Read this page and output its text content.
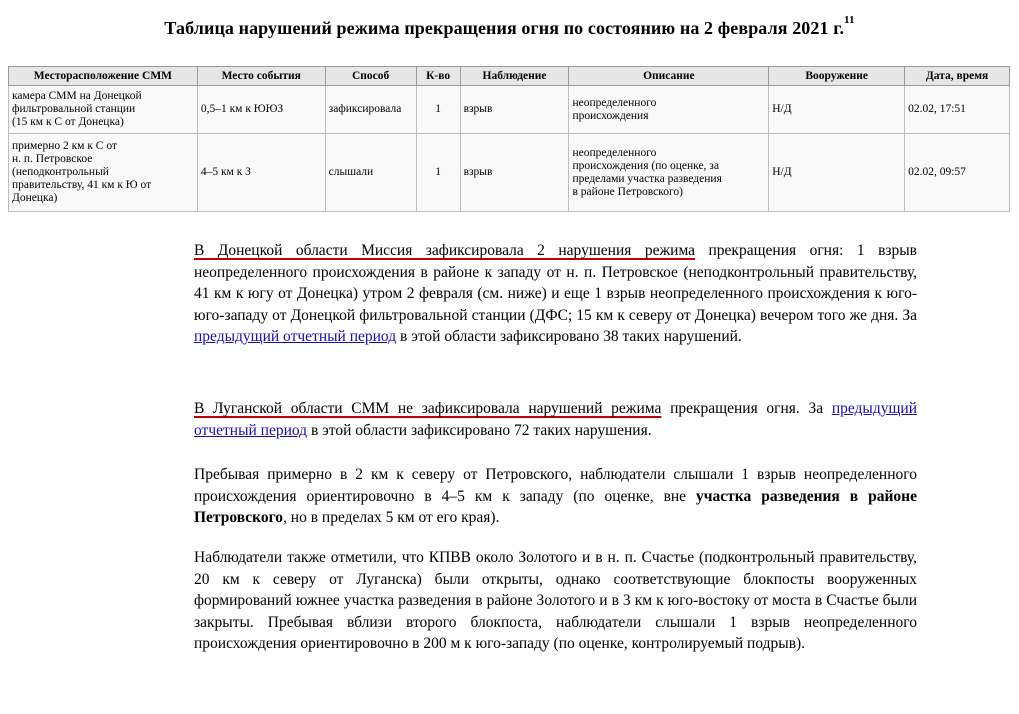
Таблица нарушений режима прекращения огня по состоянию на 2 февраля 2021 г.$^{11}$
Месторасположение СММ	Место события	Способ	К-во	Наблюдение	Описание	Вооружение	Дата, время
камера СММ на Донецкой
фильтровальной станции
(15 км к С от Донецка)	0,5–1 км к ЮЮЗ	зафиксировала	1	взрыв	неопределенного
происхождения	Н/Д	02.02, 17:51
примерно 2 км к С от
н. п. Петровское
(неподконтрольный
правительству, 41 км к Ю от
Донецка)	4–5 км к З	слышали	1	взрыв	неопределенного
происхождения (по оценке, за
пределами участка разведения
в районе Петровского)	Н/Д	02.02, 09:57
В Донецкой области Миссия зафиксировала 2 нарушения режима прекращения огня: 1 взрыв неопределенного происхождения в районе к западу от н. п. Петровское (неподконтрольный правительству, 41 км к югу от Донецка) утром 2 февраля (см. ниже) и еще 1 взрыв неопределенного происхождения к юго-юго-западу от Донецкой фильтровальной станции (ДФС; 15 км к северу от Донецка) вечером того же дня. За предыдущий отчетный период в этой области зафиксировано 38 таких нарушений.
В Луганской области СММ не зафиксировала нарушений режима прекращения огня. За предыдущий отчетный период в этой области зафиксировано 72 таких нарушения.
Пребывая примерно в 2 км к северу от Петровского, наблюдатели слышали 1 взрыв неопределенного происхождения ориентировочно в 4–5 км к западу (по оценке, вне участка разведения в районе Петровского, но в пределах 5 км от его края).
Наблюдатели также отметили, что КПВВ около Золотого и в н. п. Счастье (подконтрольный правительству, 20 км к северу от Луганска) были открыты, однако соответствующие блокпосты вооруженных формирований южнее участка разведения в районе Золотого и в 3 км к юго-востоку от моста в Счастье были закрыты. Пребывая вблизи второго блокпоста, наблюдатели слышали 1 взрыв неопределенного происхождения ориентировочно в 200 м к юго-западу (по оценке, контролируемый подрыв).
